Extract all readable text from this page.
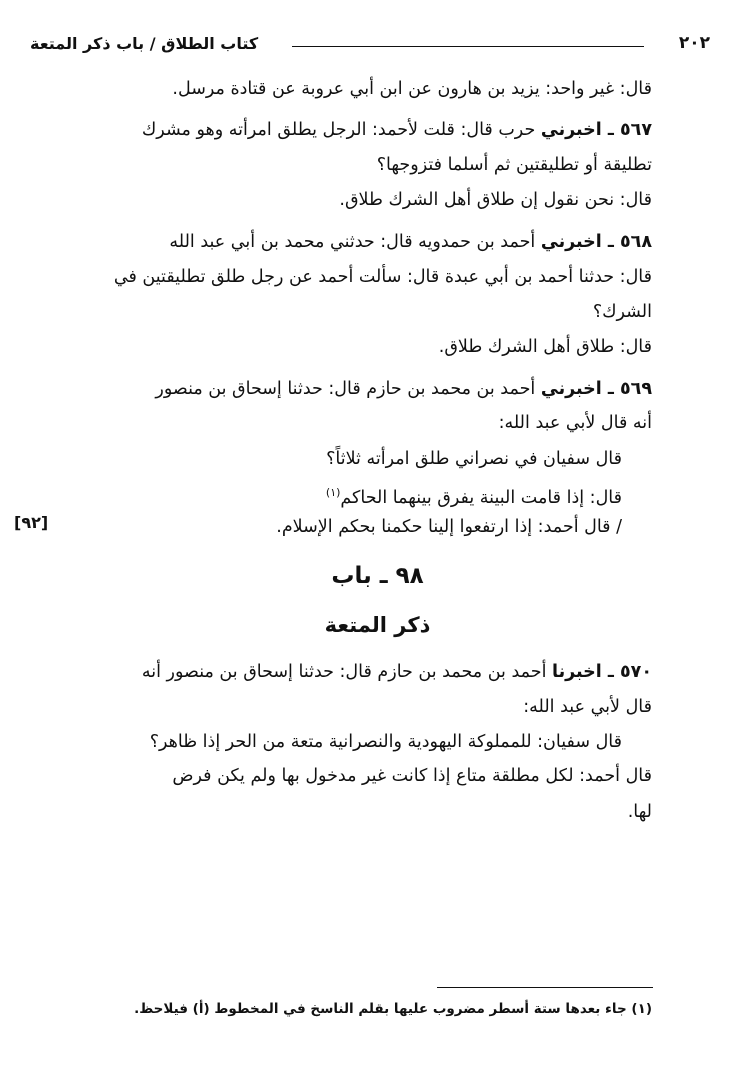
كتاب الطلاق / باب ذكر المتعة	٢٠٢
قال: غير واحد: يزيد بن هارون عن ابن أبي عروبة عن قتادة مرسل.
٥٦٧ ـ اخبرني حرب قال: قلت لأحمد: الرجل يطلق امرأته وهو مشرك
تطليقة أو تطليقتين ثم أسلما فتزوجها؟
قال: نحن نقول إن طلاق أهل الشرك طلاق.
٥٦٨ ـ اخبرني أحمد بن حمدويه قال: حدثني محمد بن أبي عبد الله
قال: حدثنا أحمد بن أبي عبدة قال: سألت أحمد عن رجل طلق تطليقتين في
الشرك؟
قال: طلاق أهل الشرك طلاق.
٥٦٩ ـ اخبرني أحمد بن محمد بن حازم قال: حدثنا إسحاق بن منصور
أنه قال لأبي عبد الله:
قال سفيان في نصراني طلق امرأته ثلاثاً؟
قال: إذا قامت البينة يفرق بينهما الحاكم$^{(١)}$
/ قال أحمد: إذا ارتفعوا إلينا حكمنا بحكم الإسلام.
[٩٢]
٩٨ ـ باب
ذكر المتعة
٥٧٠ ـ اخبرنا أحمد بن محمد بن حازم قال: حدثنا إسحاق بن منصور أنه
قال لأبي عبد الله:
قال سفيان: للمملوكة اليهودية والنصرانية متعة من الحر إذا ظاهر؟
قال أحمد: لكل مطلقة متاع إذا كانت غير مدخول بها ولم يكن فرض
لها.
(١) جاء بعدها ستة أسطر مضروب عليها بقلم الناسخ في المخطوط (أ) فيلاحظ.
